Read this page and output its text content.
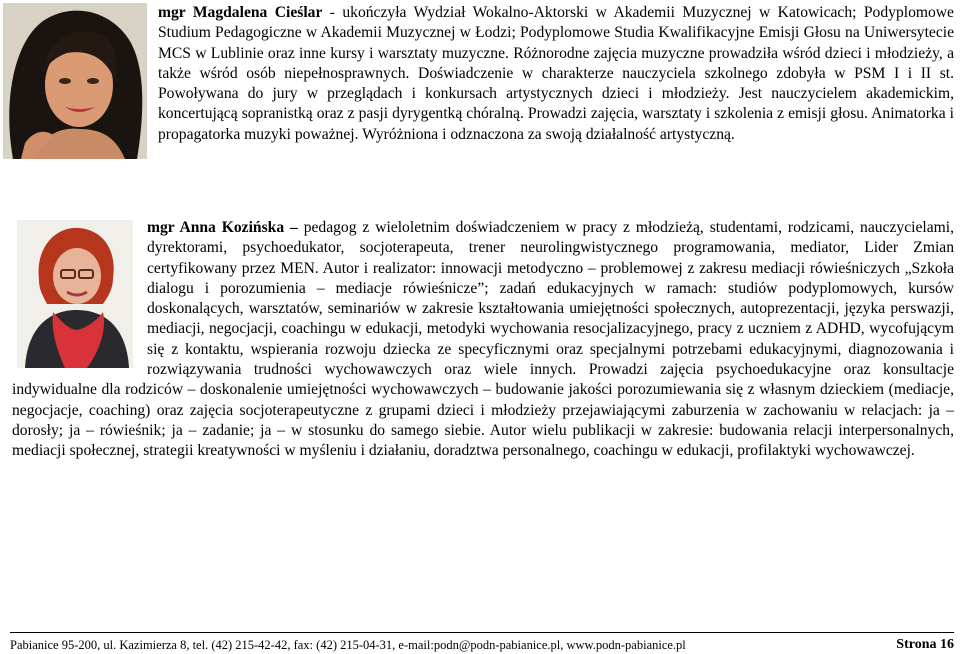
mgr Magdalena Cieślar - ukończyła Wydział Wokalno-Aktorski w Akademii Muzycznej w Katowicach; Podyplomowe Studium Pedagogiczne w Akademii Muzycznej w Łodzi; Podyplomowe Studia Kwalifikacyjne Emisji Głosu na Uniwersytecie MCS w Lublinie oraz inne kursy i warsztaty muzyczne. Różnorodne zajęcia muzyczne prowadziła wśród dzieci i młodzieży, a także wśród osób niepełnosprawnych. Doświadczenie w charakterze nauczyciela szkolnego zdobyła w PSM I i II st. Powoływana do jury w przeglądach i konkursach artystycznych dzieci i młodzieży. Jest nauczycielem akademickim, koncertującą sopranistką oraz z pasji dyrygentką chóralną. Prowadzi zajęcia, warsztaty i szkolenia z emisji głosu. Animatorka i propagatorka muzyki poważnej. Wyróżniona i odznaczona za swoją działalność artystyczną.

mgr Anna Kozińska – pedagog z wieloletnim doświadczeniem w pracy z młodzieżą, studentami, rodzicami, nauczycielami, dyrektorami, psychoedukator, socjoterapeuta, trener neurolingwistycznego programowania, mediator, Lider Zmian certyfikowany przez MEN. Autor i realizator: innowacji metodyczno – problemowej z zakresu mediacji rówieśniczych „Szkoła dialogu i porozumienia – mediacje rówieśnicze”; zadań edukacyjnych w ramach: studiów podyplomowych, kursów doskonalących, warsztatów, seminariów w zakresie kształtowania umiejętności społecznych, autoprezentacji, języka perswazji, mediacji, negocjacji, coachingu w edukacji, metodyki wychowania resocjalizacyjnego, pracy z uczniem z ADHD, wycofującym się z kontaktu, wspierania rozwoju dziecka ze specyficznymi oraz specjalnymi potrzebami edukacyjnymi, diagnozowania i rozwiązywania trudności wychowawczych oraz wiele innych. Prowadzi zajęcia psychoedukacyjne oraz konsultacje indywidualne dla rodziców – doskonalenie umiejętności wychowawczych – budowanie jakości porozumiewania się z własnym dzieckiem (mediacje, negocjacje, coaching) oraz zajęcia socjoterapeutyczne z grupami dzieci i młodzieży przejawiającymi zaburzenia w zachowaniu w relacjach: ja – dorosły; ja – rówieśnik; ja – zadanie; ja – w stosunku do samego siebie. Autor wielu publikacji w zakresie: budowania relacji interpersonalnych, mediacji społecznej, strategii kreatywności w myśleniu i działaniu, doradztwa personalnego, coachingu w edukacji, profilaktyki wychowawczej.

Pabianice 95-200, ul. Kazimierza 8, tel. (42) 215-42-42, fax: (42) 215-04-31, e-mail:podn@podn-pabianice.pl, www.podn-pabianice.pl	Strona 16
